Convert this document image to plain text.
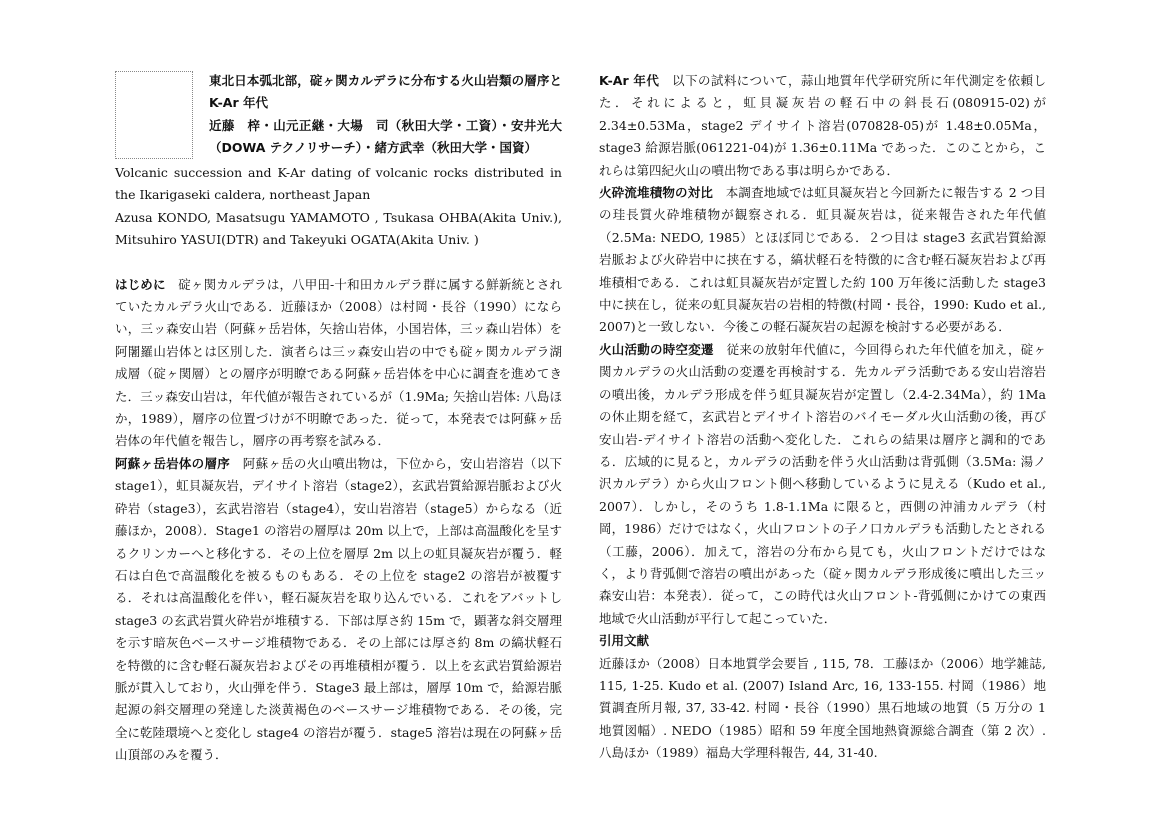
東北日本弧北部，碇ヶ関カルデラに分布する火山岩類の層序と K-Ar 年代
近藤　梓・山元正継・大場　司（秋田大学・工資）・安井光大（DOWA テクノリサーチ）・緒方武幸（秋田大学・国資）

Volcanic succession and K-Ar dating of volcanic rocks distributed in the Ikarigaseki caldera, northeast Japan

Azusa KONDO, Masatsugu YAMAMOTO , Tsukasa OHBA(Akita Univ.), Mitsuhiro YASUI(DTR) and Takeyuki OGATA(Akita Univ. )

はじめに　 碇ヶ関カルデラは，八甲田-十和田カルデラ群に属する鮮新統とされていたカルデラ火山である．近藤ほか（2008）は村岡・長谷（1990）にならい，三ッ森安山岩（阿蘇ヶ岳岩体，矢捨山岩体，小国岩体，三ッ森山岩体）を阿闍羅山岩体とは区別した．演者らは三ッ森安山岩の中でも碇ヶ関カルデラ湖成層（碇ヶ関層）との層序が明瞭である阿蘇ヶ岳岩体を中心に調査を進めてきた．三ッ森安山岩は，年代値が報告されているが（1.9Ma; 矢捨山岩体: 八島ほか，1989），層序の位置づけが不明瞭であった．従って，本発表では阿蘇ヶ岳岩体の年代値を報告し，層序の再考察を試みる．

阿蘇ヶ岳岩体の層序　 阿蘇ヶ岳の火山噴出物は，下位から，安山岩溶岩（以下 stage1），虹貝凝灰岩，デイサイト溶岩（stage2），玄武岩質給源岩脈および火砕岩（stage3），玄武岩溶岩（stage4），安山岩溶岩（stage5）からなる（近藤ほか，2008）．Stage1 の溶岩の層厚は 20m 以上で，上部は高温酸化を呈するクリンカーへと移化する．その上位を層厚 2m 以上の虹貝凝灰岩が覆う．軽石は白色で高温酸化を被るものもある．その上位を stage2 の溶岩が被覆する．それは高温酸化を伴い，軽石凝灰岩を取り込んでいる．これをアバットし stage3 の玄武岩質火砕岩が堆積する．下部は厚さ約 15m で，顕著な斜交層理を示す暗灰色ベースサージ堆積物である．その上部には厚さ約 8m の縞状軽石を特徴的に含む軽石凝灰岩およびその再堆積相が覆う．以上を玄武岩質給源岩脈が貫入しており，火山弾を伴う．Stage3 最上部は，層厚 10m で，給源岩脈起源の斜交層理の発達した淡黄褐色のベースサージ堆積物である．その後，完全に乾陸環境へと変化し stage4 の溶岩が覆う．stage5 溶岩は現在の阿蘇ヶ岳山頂部のみを覆う．

K-Ar 年代　 以下の試料について，蒜山地質年代学研究所に年代測定を依頼した．それによると，虹貝凝灰岩の軽石中の斜長石(080915-02)が 2.34±0.53Ma，stage2 デイサイト溶岩(070828-05)が 1.48±0.05Ma，stage3 給源岩脈(061221-04)が 1.36±0.11Ma であった．このことから，これらは第四紀火山の噴出物である事は明らかである．

火砕流堆積物の対比　 本調査地域では虹貝凝灰岩と今回新たに報告する 2 つ目の珪長質火砕堆積物が観察される．虹貝凝灰岩は，従来報告された年代値（2.5Ma: NEDO, 1985）とほぼ同じである．２つ目は stage3 玄武岩質給源岩脈および火砕岩中に挟在する，縞状軽石を特徴的に含む軽石凝灰岩および再堆積相である．これは虹貝凝灰岩が定置した約 100 万年後に活動した stage3 中に挟在し，従来の虹貝凝灰岩の岩相的特徴(村岡・長谷，1990: Kudo et al., 2007)と一致しない．今後この軽石凝灰岩の起源を検討する必要がある．

火山活動の時空変遷　 従来の放射年代値に，今回得られた年代値を加え，碇ヶ関カルデラの火山活動の変遷を再検討する．先カルデラ活動である安山岩溶岩の噴出後，カルデラ形成を伴う虹貝凝灰岩が定置し（2.4-2.34Ma），約 1Ma の休止期を経て，玄武岩とデイサイト溶岩のバイモーダル火山活動の後，再び安山岩-デイサイト溶岩の活動へ変化した．これらの結果は層序と調和的である．広域的に見ると，カルデラの活動を伴う火山活動は背弧側（3.5Ma: 湯ノ沢カルデラ）から火山フロント側へ移動しているように見える（Kudo et al., 2007）．しかし，そのうち 1.8-1.1Ma に限ると，西側の沖浦カルデラ（村岡，1986）だけではなく，火山フロントの子ノ口カルデラも活動したとされる（工藤，2006）．加えて，溶岩の分布から見ても，火山フロントだけではなく，より背弧側で溶岩の噴出があった（碇ヶ関カルデラ形成後に噴出した三ッ森安山岩：本発表）．従って，この時代は火山フロント-背弧側にかけての東西地域で火山活動が平行して起こっていた．

引用文献

近藤ほか（2008）日本地質学会要旨 , 115, 78．工藤ほか（2006）地学雑誌, 115, 1-25. Kudo et al. (2007) Island Arc, 16, 133-155. 村岡（1986）地質調査所月報, 37, 33-42. 村岡・長谷（1990）黒石地域の地質（5 万分の 1 地質図幅）. NEDO（1985）昭和 59 年度全国地熱資源総合調査（第 2 次）. 八島ほか（1989）福島大学理科報告, 44, 31-40.
